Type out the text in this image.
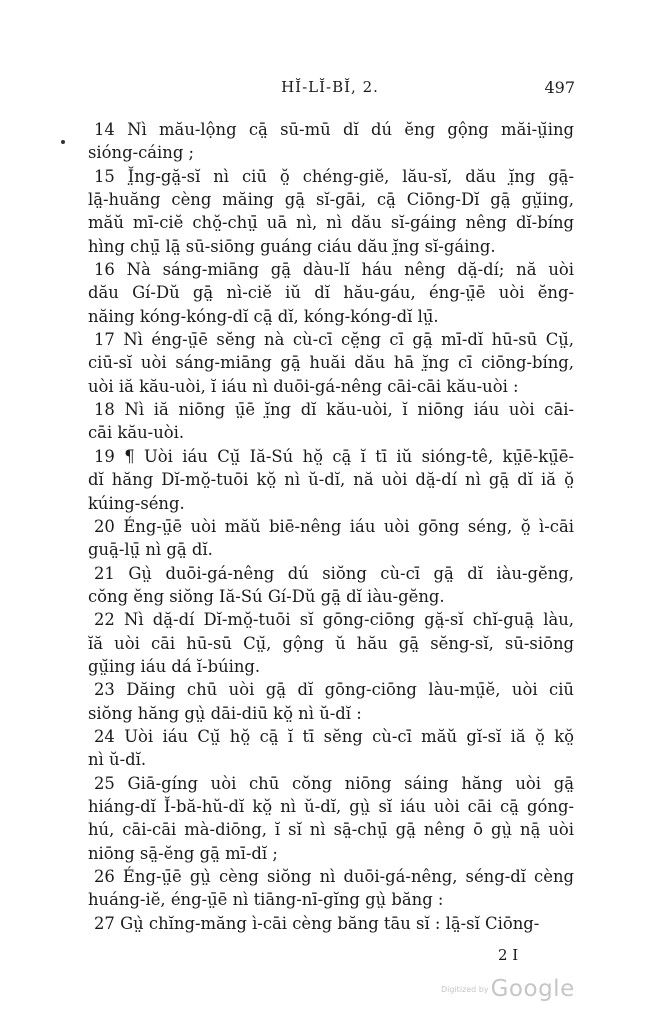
HĬ-LĬ-BĬ, 2.	497
14 Nì mău-lộng cā̤ sū-mū dĭ dú ĕng gộng măi-ṳ̆ing
sióng-cáing ;
15 Ĭ̤ng-gă̤-sĭ nì ciū ŏ̤ chéng-giĕ, lău-sĭ, dău ĭ̤ng gā̤-
lā̤-huăng cèng măing gā̤ sĭ-gāi, cā̤ Ciōng-Dĭ gā̤ gṳ̆ing,
măŭ mī-ciĕ chŏ̤-chṳ̄ uā nì, nì dău sĭ-gáing nêng dĭ-bíng
hìng chṳ̄ lā̤ sū-siōng guáng ciáu dău ĭ̤ng sĭ-gáing.
16 Nà sáng-miāng gā̤ dàu-lĭ háu nêng dă̤-dí; nă uòi
dău Gí-Dŭ gā̤ nì-ciĕ iŭ dĭ hău-gáu, éng-ṳ̄ē uòi ĕng-
năing kóng-kóng-dĭ cā̤ dĭ, kóng-kóng-dĭ lṳ̄.
17 Nì éng-ṳ̄ē sĕng nà cù-cī cĕ̤ng cī gā̤ mī-dĭ hū-sū Cṳ̆,
ciū-sĭ uòi sáng-miāng gā̤ huăi dău hā ĭ̤ng cī ciōng-bíng,
uòi iă kău-uòi, ĭ iáu nì duōi-gá-nêng cāi-cāi kău-uòi :
18 Nì iă niōng ṳ̄ē ĭ̤ng dĭ kău-uòi, ĭ niōng iáu uòi cāi-
cāi kău-uòi.
19 ¶ Uòi iáu Cṳ̆ Iă-Sú hŏ̤ cā̤ ĭ tī iŭ sióng-tê, kṳ̄ē-kṳ̄ē-
dĭ hăng Dĭ-mŏ̤-tuōi kŏ̤ nì ŭ-dĭ, nă uòi dă̤-dí nì gā̤ dĭ iă ŏ̤
kúing-séng.
20 Éng-ṳ̄ē uòi măŭ biē-nêng iáu uòi gōng séng, ŏ̤ ì-cāi
guā̤-lṳ̄ nì gā̤ dĭ.
21 Gṳ̀ duōi-gá-nêng dú siŏng cù-cī gā̤ dĭ iàu-gĕng,
cŏng ĕng siŏng Iă-Sú Gí-Dŭ gā̤ dĭ iàu-gĕng.
22 Nì dă̤-dí Dĭ-mŏ̤-tuōi sĭ gōng-ciōng gă̤-sĭ chĭ-guā̤ làu,
ĭă uòi cāi hū-sū Cṳ̆, gộng ŭ hău gā̤ sĕng-sĭ, sū-siōng
gṳ̆ing iáu dá ĭ-búing.
23 Dăing chū uòi gā̤ dĭ gōng-ciōng làu-mṳ̄ĕ, uòi ciū
siŏng hăng gṳ̀ dāi-diū kŏ̤ nì ŭ-dĭ :
24 Uòi iáu Cṳ̆ hŏ̤ cā̤ ĭ tī sĕng cù-cī măŭ gĭ-sĭ iă ŏ̤ kŏ̤
nì ŭ-dĭ.
25 Giā-gíng uòi chū cŏng niōng sáing hăng uòi gā̤
hiáng-dĭ Ĭ-bă-hŭ-dĭ kŏ̤ nì ŭ-dĭ, gṳ̀ sĭ iáu uòi cāi cā̤ góng-
hú, cāi-cāi mà-diōng, ĭ sĭ nì sā̤-chṳ̄ gā̤ nêng ō gṳ̀ nā̤ uòi
niōng sā̤-ĕng gā̤ mī-dĭ ;
26 Éng-ṳ̄ē gṳ̀ cèng siŏng nì duōi-gá-nêng, séng-dĭ cèng
huáng-iĕ, éng-ṳ̄ē nì tiāng-nī-gĭng gṳ̀ băng :
27 Gṳ̀ chĭng-măng ì-cāi cèng băng tāu sĭ : lā̤-sĭ Ciōng-
2 I
$^{Digitized by}$Google
